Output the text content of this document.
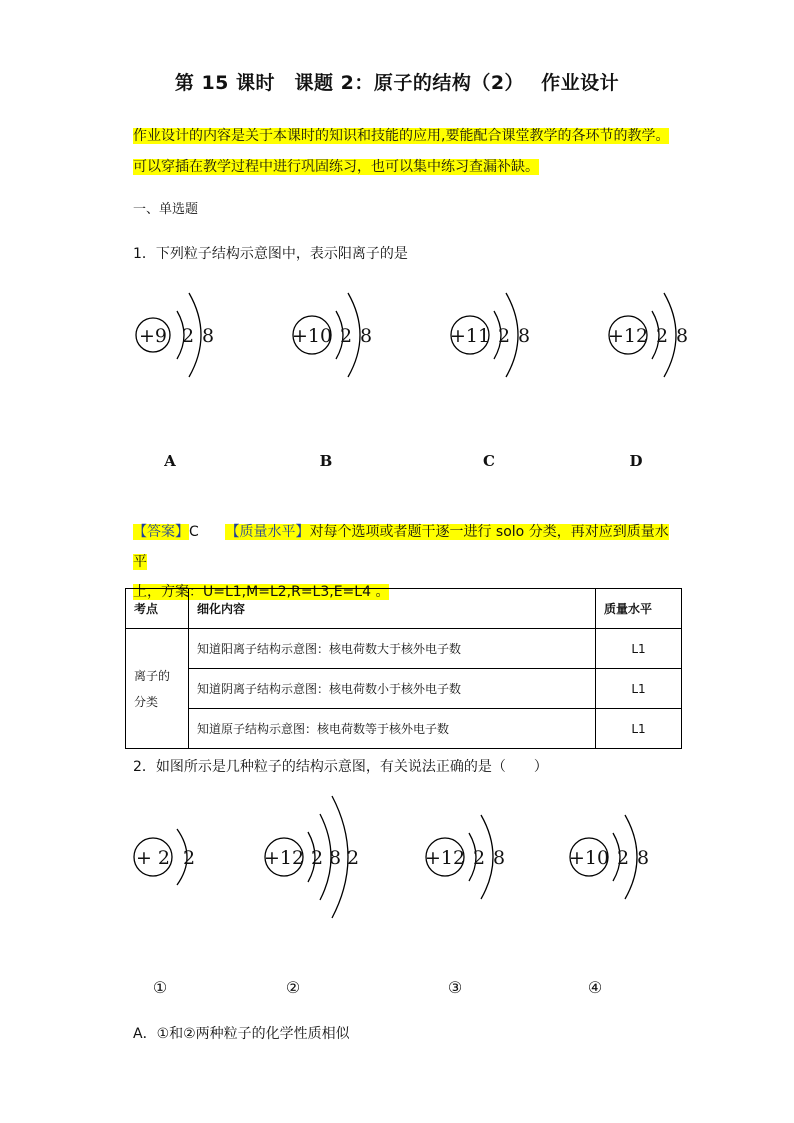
第 15 课时　课题 2：原子的结构（2）　 作业设计
作业设计的内容是关于本课时的知识和技能的应用,要能配合课堂教学的各环节的教学。
可以穿插在教学过程中进行巩固练习，也可以集中练习查漏补缺。
一、单选题
1．下列粒子结构示意图中，表示阳离子的是
+9 2 8	+10 2 8	+11 2 8	+12 2 8
A	B	C	D
【答案】C 【质量水平】对每个选项或者题干逐一进行 solo 分类，再对应到质量水平
上，方案：U=L1,M=L2,R=L3,E=L4 。
考点	细化内容	质量水平
离子的分类	知道阳离子结构示意图：核电荷数大于核外电子数	L1
	知道阴离子结构示意图：核电荷数小于核外电子数	L1
	知道原子结构示意图：核电荷数等于核外电子数	L1
2．如图所示是几种粒子的结构示意图，有关说法正确的是（　　）
+ 2 2	+12 2 8 2	+12 2 8	+10 2 8
①	②	③	④
A．①和②两种粒子的化学性质相似
